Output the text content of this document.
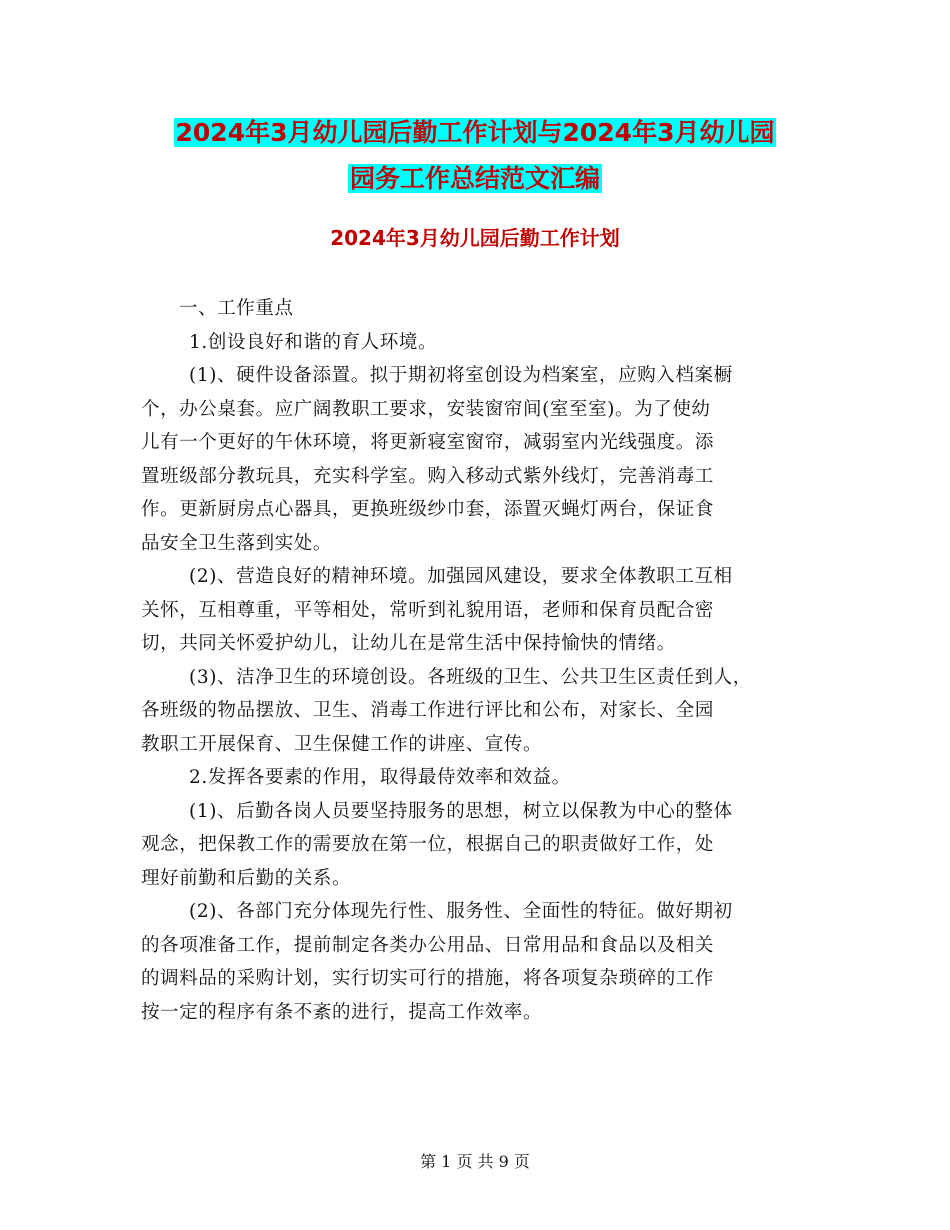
2024年3月幼儿园后勤工作计划与2024年3月幼儿园
园务工作总结范文汇编
2024年3月幼儿园后勤工作计划
一、工作重点
1.创设良好和谐的育人环境。
(1)、硬件设备添置。拟于期初将室创设为档案室，应购入档案橱
个，办公桌套。应广阔教职工要求，安装窗帘间(室至室)。为了使幼
儿有一个更好的午休环境，将更新寝室窗帘，减弱室内光线强度。添
置班级部分教玩具，充实科学室。购入移动式紫外线灯，完善消毒工
作。更新厨房点心器具，更换班级纱巾套，添置灭蝇灯两台，保证食
品安全卫生落到实处。
(2)、营造良好的精神环境。加强园风建设，要求全体教职工互相
关怀，互相尊重，平等相处，常听到礼貌用语，老师和保育员配合密
切，共同关怀爱护幼儿，让幼儿在是常生活中保持愉快的情绪。
(3)、洁净卫生的环境创设。各班级的卫生、公共卫生区责任到人，
各班级的物品摆放、卫生、消毒工作进行评比和公布，对家长、全园
教职工开展保育、卫生保健工作的讲座、宣传。
2.发挥各要素的作用，取得最侍效率和效益。
(1)、后勤各岗人员要坚持服务的思想，树立以保教为中心的整体
观念，把保教工作的需要放在第一位，根据自己的职责做好工作，处
理好前勤和后勤的关系。
(2)、各部门充分体现先行性、服务性、全面性的特征。做好期初
的各项准备工作，提前制定各类办公用品、日常用品和食品以及相关
的调料品的采购计划，实行切实可行的措施，将各项复杂琐碎的工作
按一定的程序有条不紊的进行，提高工作效率。
第 1 页 共 9 页
